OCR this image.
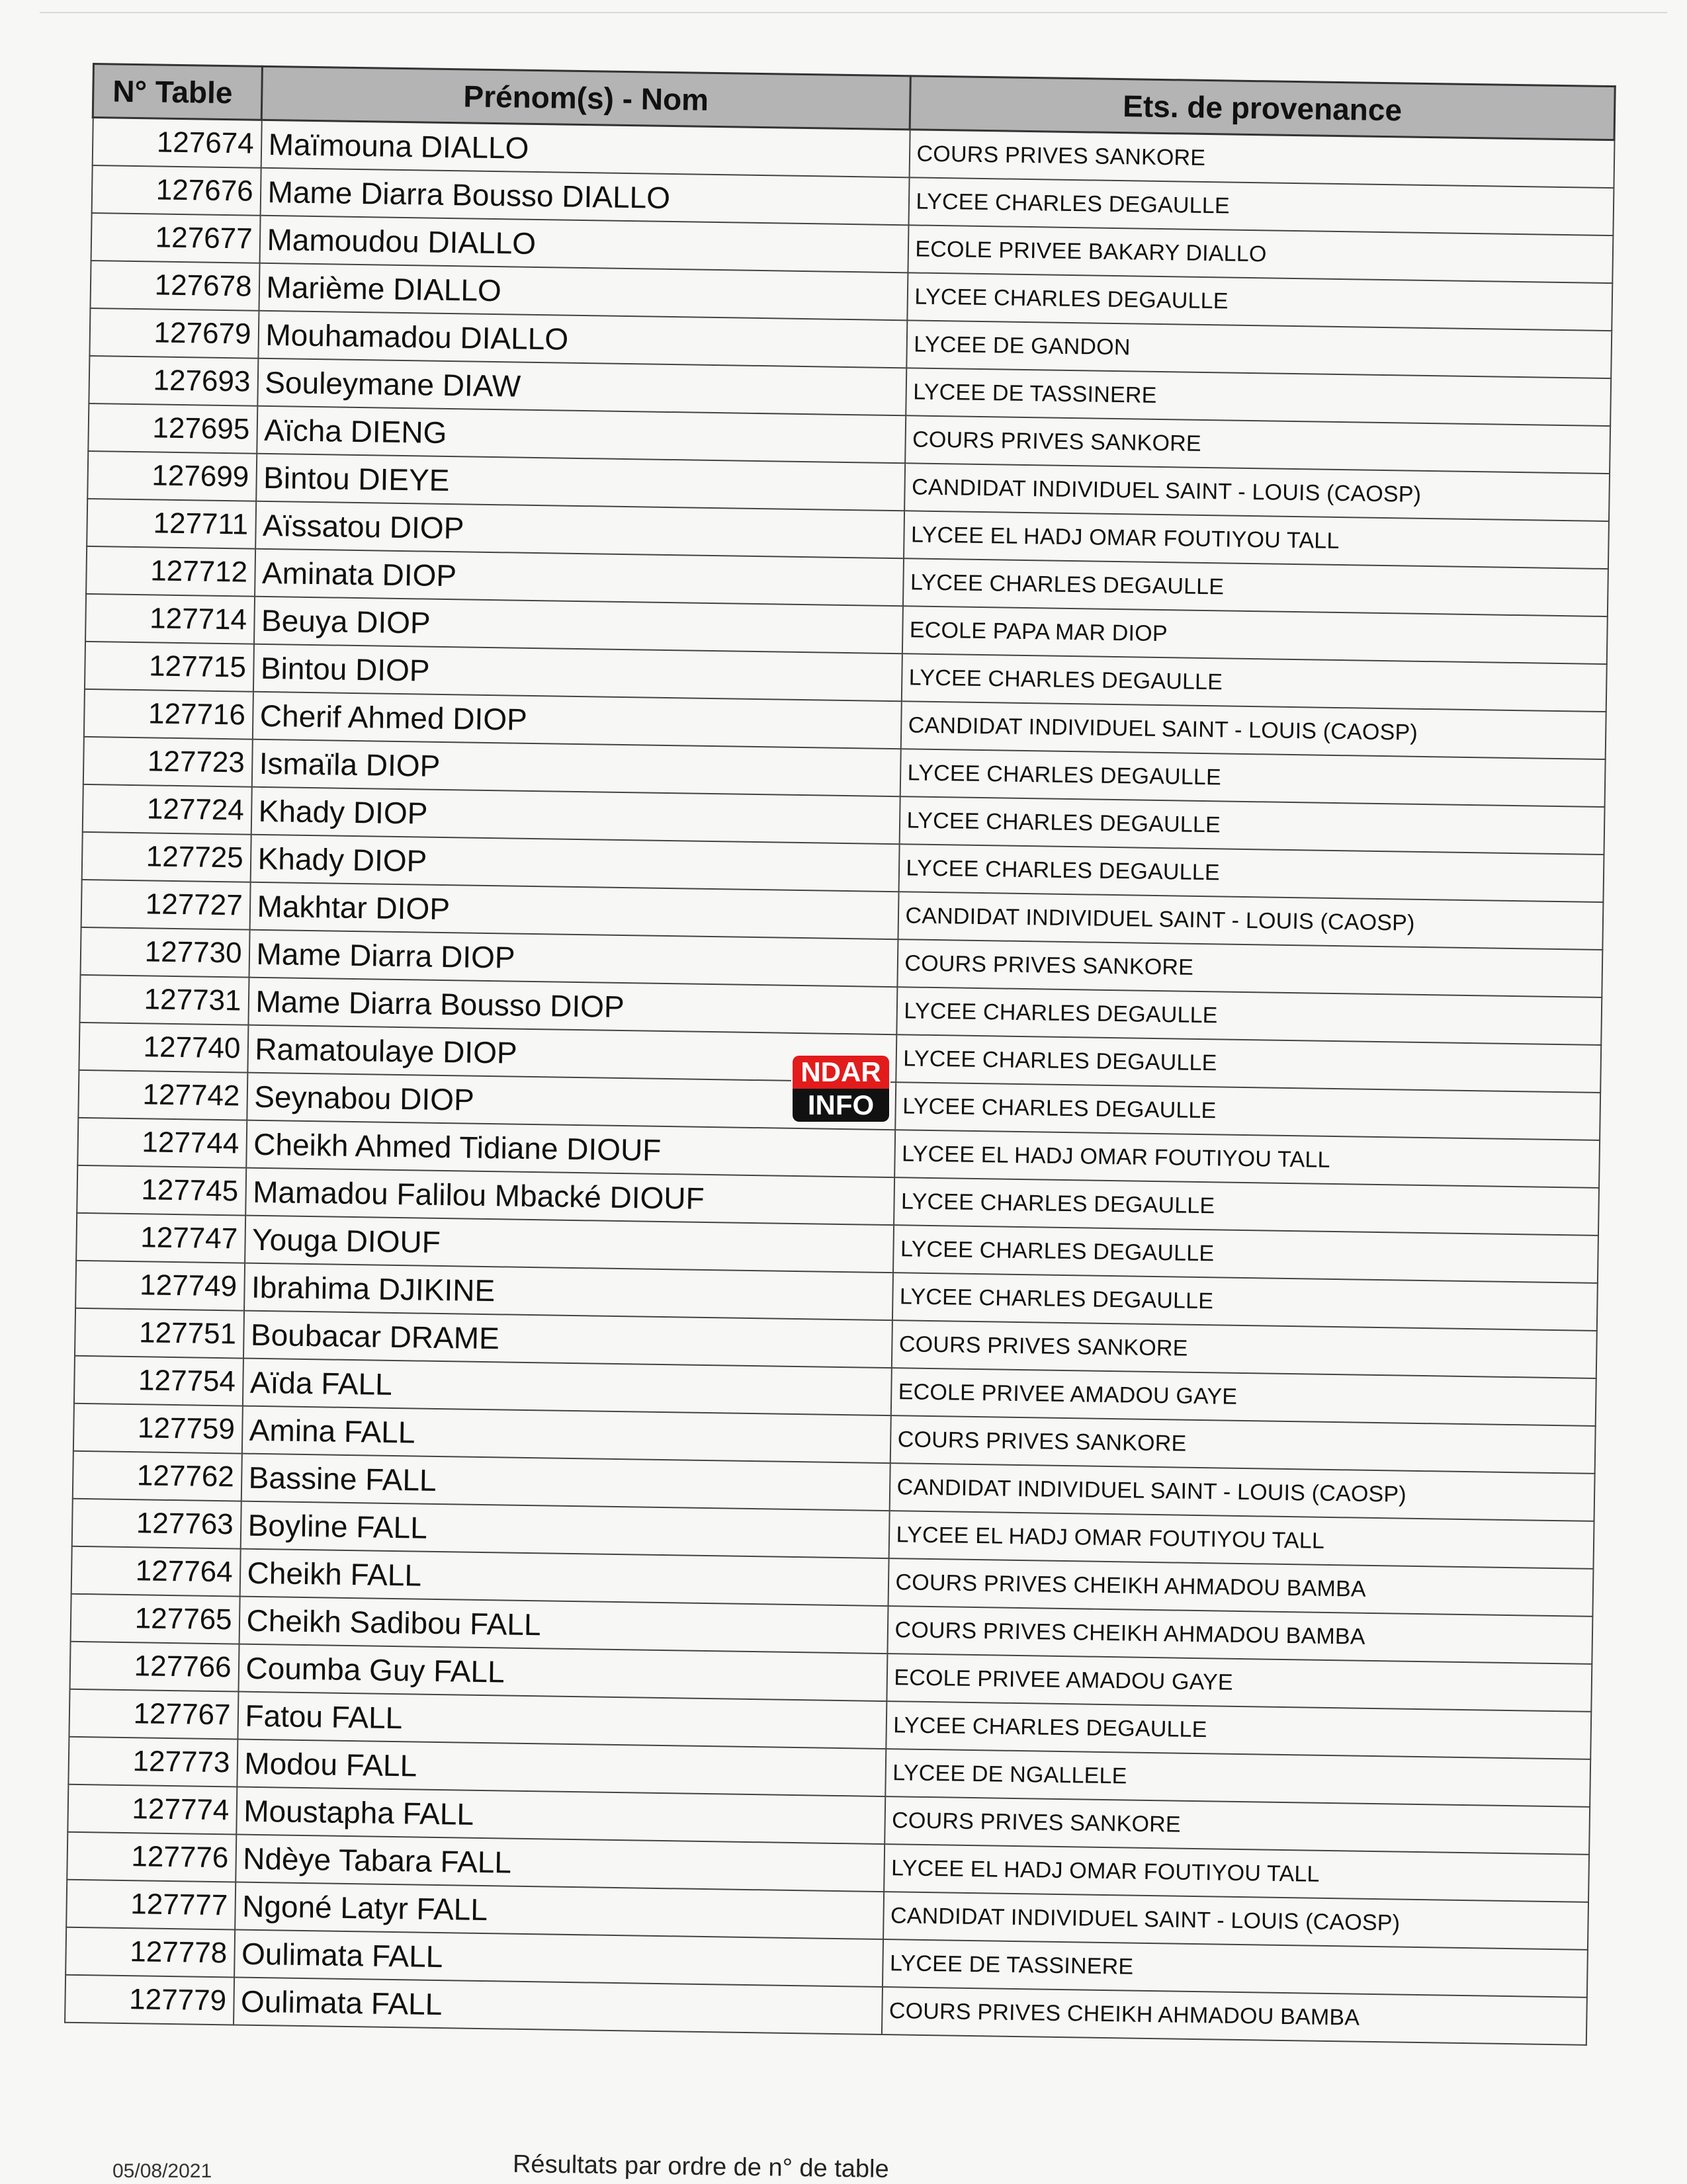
N° Table	Prénom(s) - Nom	Ets. de provenance
127674	Maïmouna DIALLO	COURS PRIVES SANKORE
127676	Mame Diarra Bousso DIALLO	LYCEE CHARLES DEGAULLE
127677	Mamoudou DIALLO	ECOLE PRIVEE BAKARY DIALLO
127678	Marième DIALLO	LYCEE CHARLES DEGAULLE
127679	Mouhamadou DIALLO	LYCEE DE GANDON
127693	Souleymane DIAW	LYCEE DE TASSINERE
127695	Aïcha DIENG	COURS PRIVES SANKORE
127699	Bintou DIEYE	CANDIDAT INDIVIDUEL SAINT - LOUIS (CAOSP)
127711	Aïssatou DIOP	LYCEE EL HADJ OMAR FOUTIYOU TALL
127712	Aminata DIOP	LYCEE CHARLES DEGAULLE
127714	Beuya DIOP	ECOLE PAPA MAR DIOP
127715	Bintou DIOP	LYCEE CHARLES DEGAULLE
127716	Cherif Ahmed DIOP	CANDIDAT INDIVIDUEL SAINT - LOUIS (CAOSP)
127723	Ismaïla DIOP	LYCEE CHARLES DEGAULLE
127724	Khady DIOP	LYCEE CHARLES DEGAULLE
127725	Khady DIOP	LYCEE CHARLES DEGAULLE
127727	Makhtar DIOP	CANDIDAT INDIVIDUEL SAINT - LOUIS (CAOSP)
127730	Mame Diarra DIOP	COURS PRIVES SANKORE
127731	Mame Diarra Bousso DIOP	LYCEE CHARLES DEGAULLE
127740	Ramatoulaye DIOP	LYCEE CHARLES DEGAULLE
127742	Seynabou DIOP	LYCEE CHARLES DEGAULLE
127744	Cheikh Ahmed Tidiane DIOUF	LYCEE EL HADJ OMAR FOUTIYOU TALL
127745	Mamadou Falilou Mbacké DIOUF	LYCEE CHARLES DEGAULLE
127747	Youga DIOUF	LYCEE CHARLES DEGAULLE
127749	Ibrahima DJIKINE	LYCEE CHARLES DEGAULLE
127751	Boubacar DRAME	COURS PRIVES SANKORE
127754	Aïda FALL	ECOLE PRIVEE AMADOU GAYE
127759	Amina FALL	COURS PRIVES SANKORE
127762	Bassine FALL	CANDIDAT INDIVIDUEL SAINT - LOUIS (CAOSP)
127763	Boyline FALL	LYCEE EL HADJ OMAR FOUTIYOU TALL
127764	Cheikh FALL	COURS PRIVES CHEIKH AHMADOU BAMBA
127765	Cheikh Sadibou FALL	COURS PRIVES CHEIKH AHMADOU BAMBA
127766	Coumba Guy FALL	ECOLE PRIVEE AMADOU GAYE
127767	Fatou FALL	LYCEE CHARLES DEGAULLE
127773	Modou FALL	LYCEE DE NGALLELE
127774	Moustapha FALL	COURS PRIVES SANKORE
127776	Ndèye Tabara FALL	LYCEE EL HADJ OMAR FOUTIYOU TALL
127777	Ngoné Latyr FALL	CANDIDAT INDIVIDUEL SAINT - LOUIS (CAOSP)
127778	Oulimata FALL	LYCEE DE TASSINERE
127779	Oulimata FALL	COURS PRIVES CHEIKH AHMADOU BAMBA
NDAR
INFO
05/08/2021	Résultats par ordre de n° de table
